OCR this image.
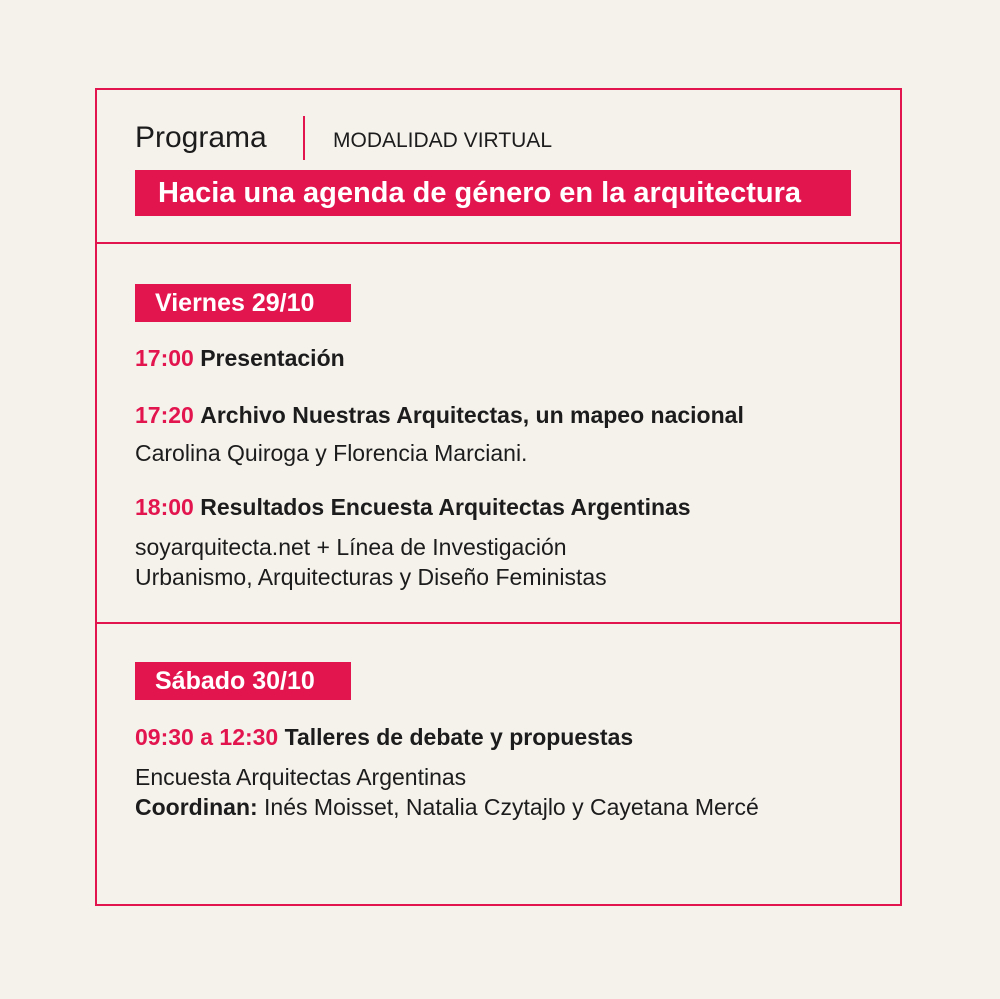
Programa	MODALIDAD VIRTUAL
Hacia una agenda de género en la arquitectura
Viernes 29/10
17:00 Presentación
17:20 Archivo Nuestras Arquitectas, un mapeo nacional
Carolina Quiroga y Florencia Marciani.
18:00 Resultados Encuesta Arquitectas Argentinas
soyarquitecta.net + Línea de Investigación
Urbanismo, Arquitecturas y Diseño Feministas
Sábado 30/10
09:30 a 12:30 Talleres de debate y propuestas
Encuesta Arquitectas Argentinas
Coordinan: Inés Moisset, Natalia Czytajlo y Cayetana Mercé
